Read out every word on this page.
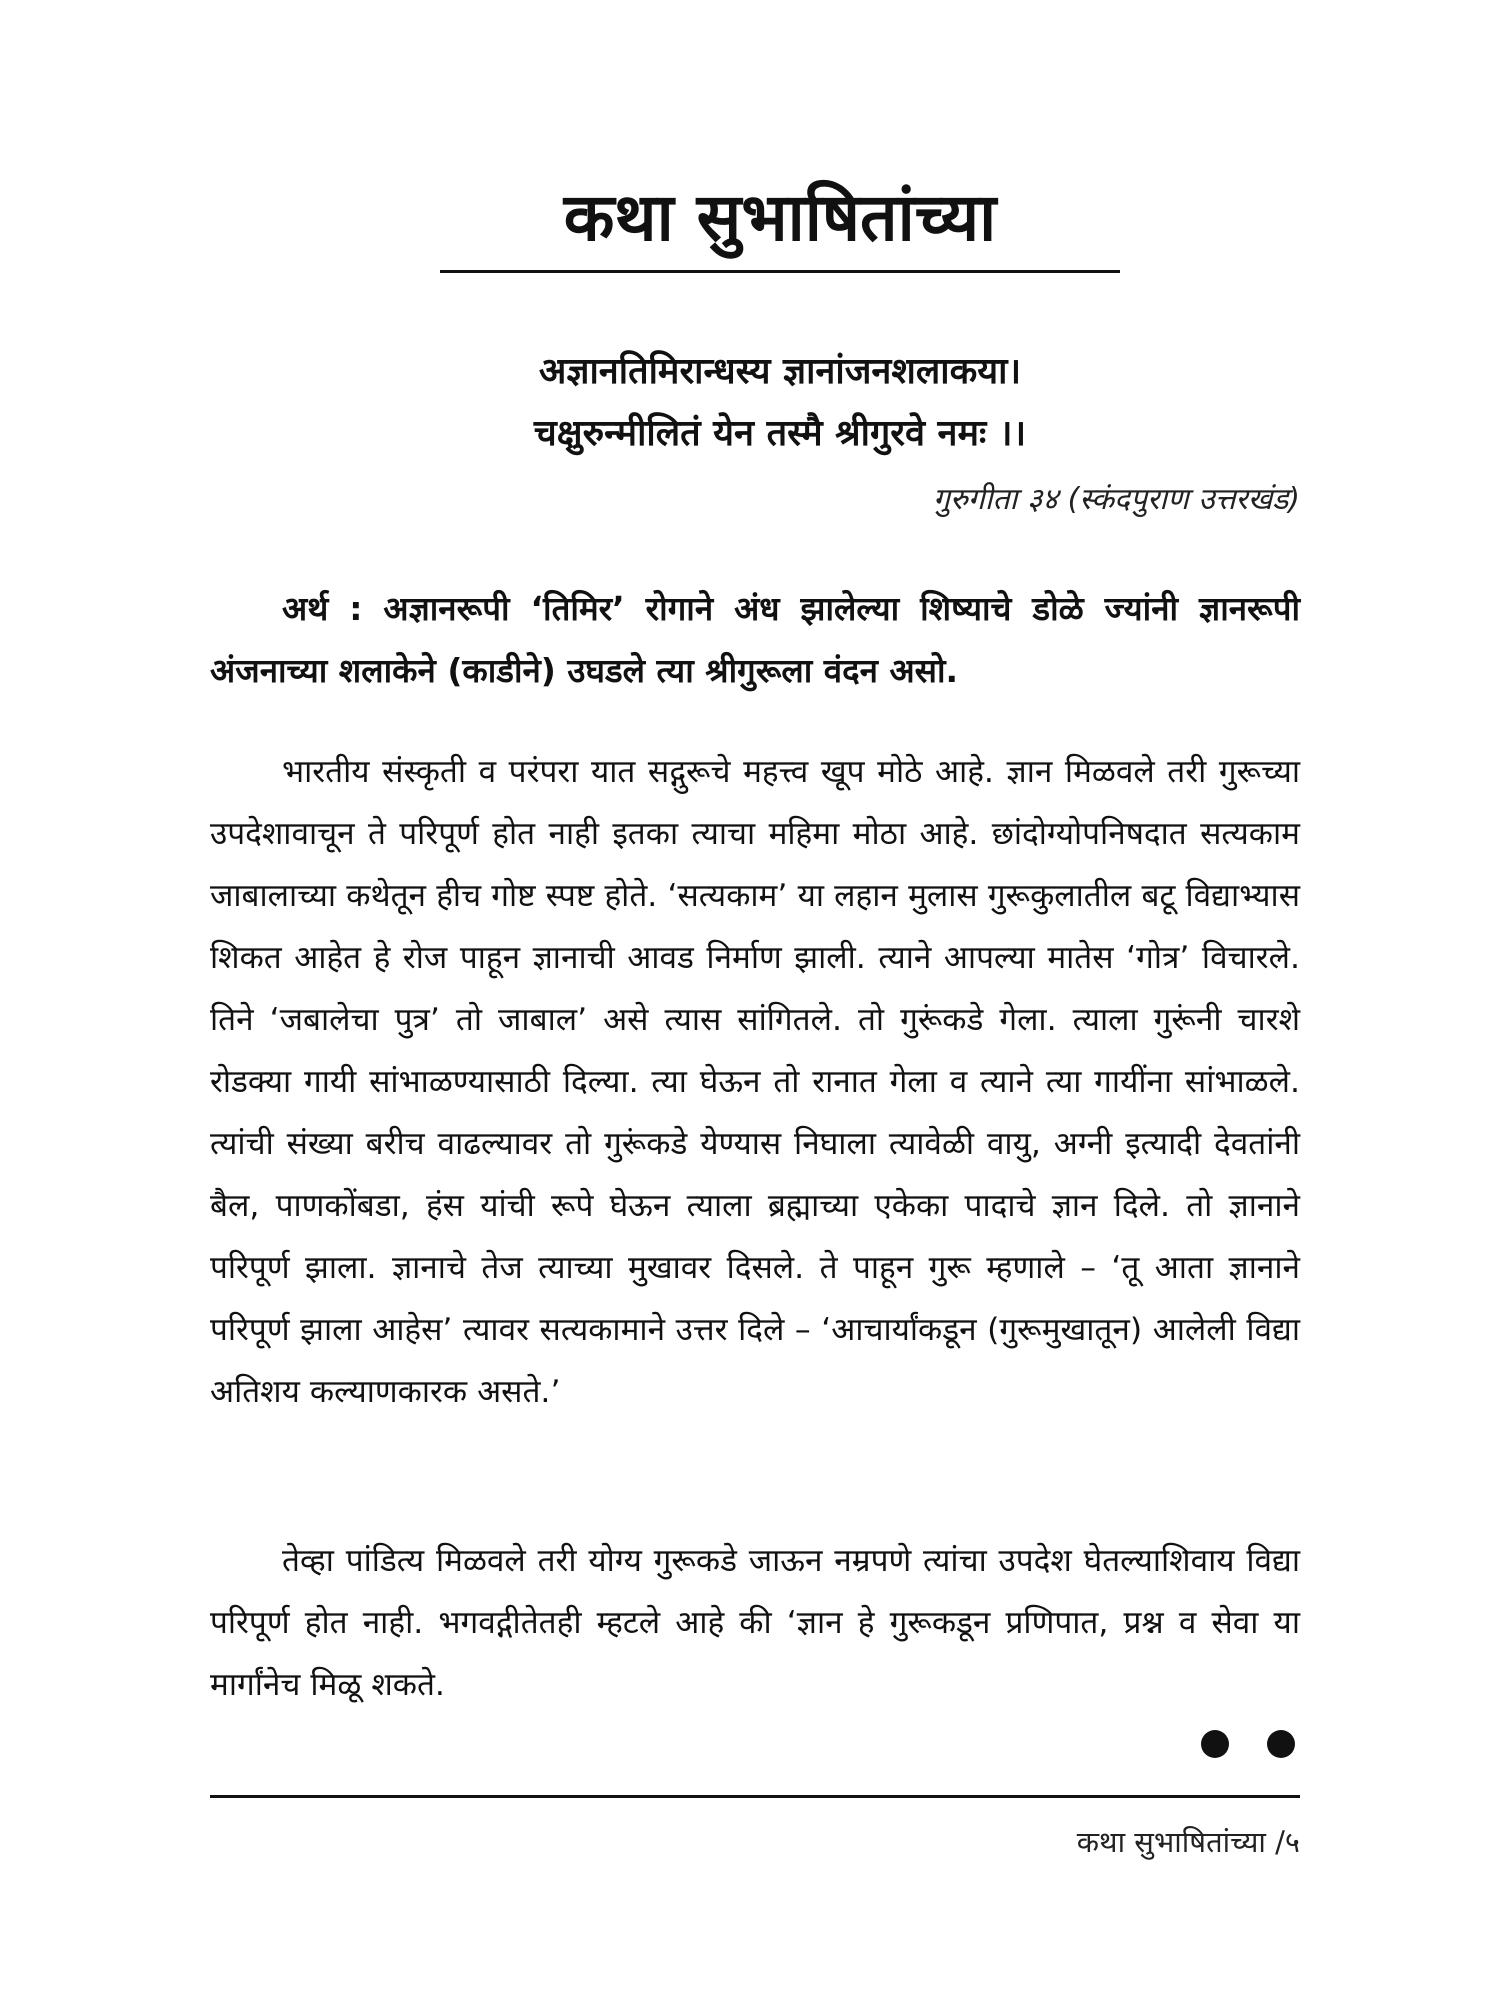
कथा सुभाषितांच्या
अज्ञानतिमिरान्धस्य ज्ञानांजनशलाकया।
चक्षुरुन्मीलितं येन तस्मै श्रीगुरवे नमः ।।
गुरुगीता ३४ (स्कंदपुराण उत्तरखंड)
अर्थ : अज्ञानरूपी ‘तिमिर’ रोगाने अंध झालेल्या शिष्याचे डोळे ज्यांनी ज्ञानरूपी अंजनाच्या शलाकेने (काडीने) उघडले त्या श्रीगुरूला वंदन असो.
भारतीय संस्कृती व परंपरा यात सद्गुरूचे महत्त्व खूप मोठे आहे. ज्ञान मिळवले तरी गुरूच्या उपदेशावाचून ते परिपूर्ण होत नाही इतका त्याचा महिमा मोठा आहे. छांदोग्योपनिषदात सत्यकाम जाबालाच्या कथेतून हीच गोष्ट स्पष्ट होते. ‘सत्यकाम’ या लहान मुलास गुरूकुलातील बटू विद्याभ्यास शिकत आहेत हे रोज पाहून ज्ञानाची आवड निर्माण झाली. त्याने आपल्या मातेस ‘गोत्र’ विचारले. तिने ‘जबालेचा पुत्र’ तो जाबाल’ असे त्यास सांगितले. तो गुरूंकडे गेला. त्याला गुरूंनी चारशे रोडक्या गायी सांभाळण्यासाठी दिल्या. त्या घेऊन तो रानात गेला व त्याने त्या गायींना सांभाळले. त्यांची संख्या बरीच वाढल्यावर तो गुरूंकडे येण्यास निघाला त्यावेळी वायु, अग्नी इत्यादी देवतांनी बैल, पाणकोंबडा, हंस यांची रूपे घेऊन त्याला ब्रह्माच्या एकेका पादाचे ज्ञान दिले. तो ज्ञानाने परिपूर्ण झाला. ज्ञानाचे तेज त्याच्या मुखावर दिसले. ते पाहून गुरू म्हणाले – ‘तू आता ज्ञानाने परिपूर्ण झाला आहेस’ त्यावर सत्यकामाने उत्तर दिले – ‘आचार्यांकडून (गुरूमुखातून) आलेली विद्या अतिशय कल्याणकारक असते.’
तेव्हा पांडित्य मिळवले तरी योग्य गुरूकडे जाऊन नम्रपणे त्यांचा उपदेश घेतल्याशिवाय विद्या परिपूर्ण होत नाही. भगवद्गीतेतही म्हटले आहे की ‘ज्ञान हे गुरूकडून प्रणिपात, प्रश्न व सेवा या मार्गांनेच मिळू शकते.
कथा सुभाषितांच्या /५
